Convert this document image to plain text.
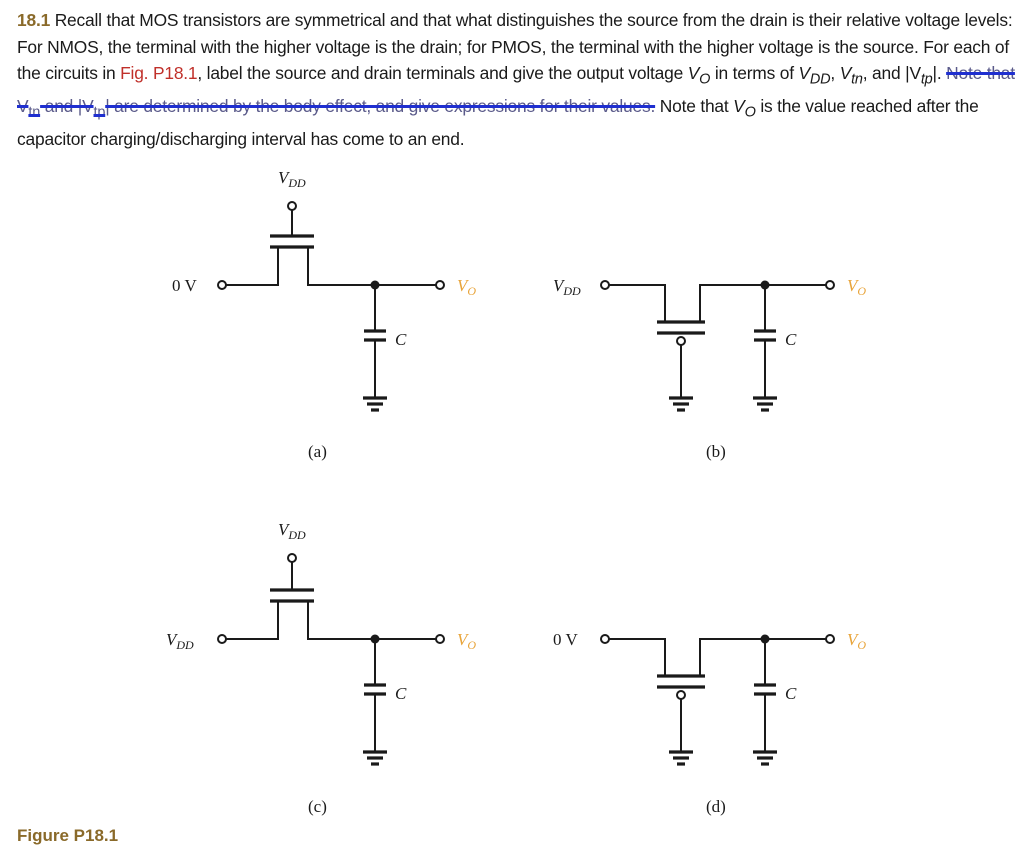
18.1 Recall that MOS transistors are symmetrical and that what distinguishes the source from the drain is their relative voltage levels: For NMOS, the terminal with the higher voltage is the drain; for PMOS, the terminal with the higher voltage is the source. For each of the circuits in Fig. P18.1, label the source and drain terminals and give the output voltage $V_O$ in terms of $V_{DD}$, $V_{tn}$, and $|V_{tp}|$. Note that $V_{tn}$ and $|V_{tp}|$ are determined by the body effect, and give expressions for their values. Note that $V_O$ is the value reached after the capacitor charging/discharging interval has come to an end.
$V_{DD}$
0 V	$V_O$
C
(a)
$V_{DD}$	$V_O$
C
(b)
$V_{DD}$
$V_{DD}$	$V_O$
C
(c)
0 V	$V_O$
C
(d)
Figure P18.1
